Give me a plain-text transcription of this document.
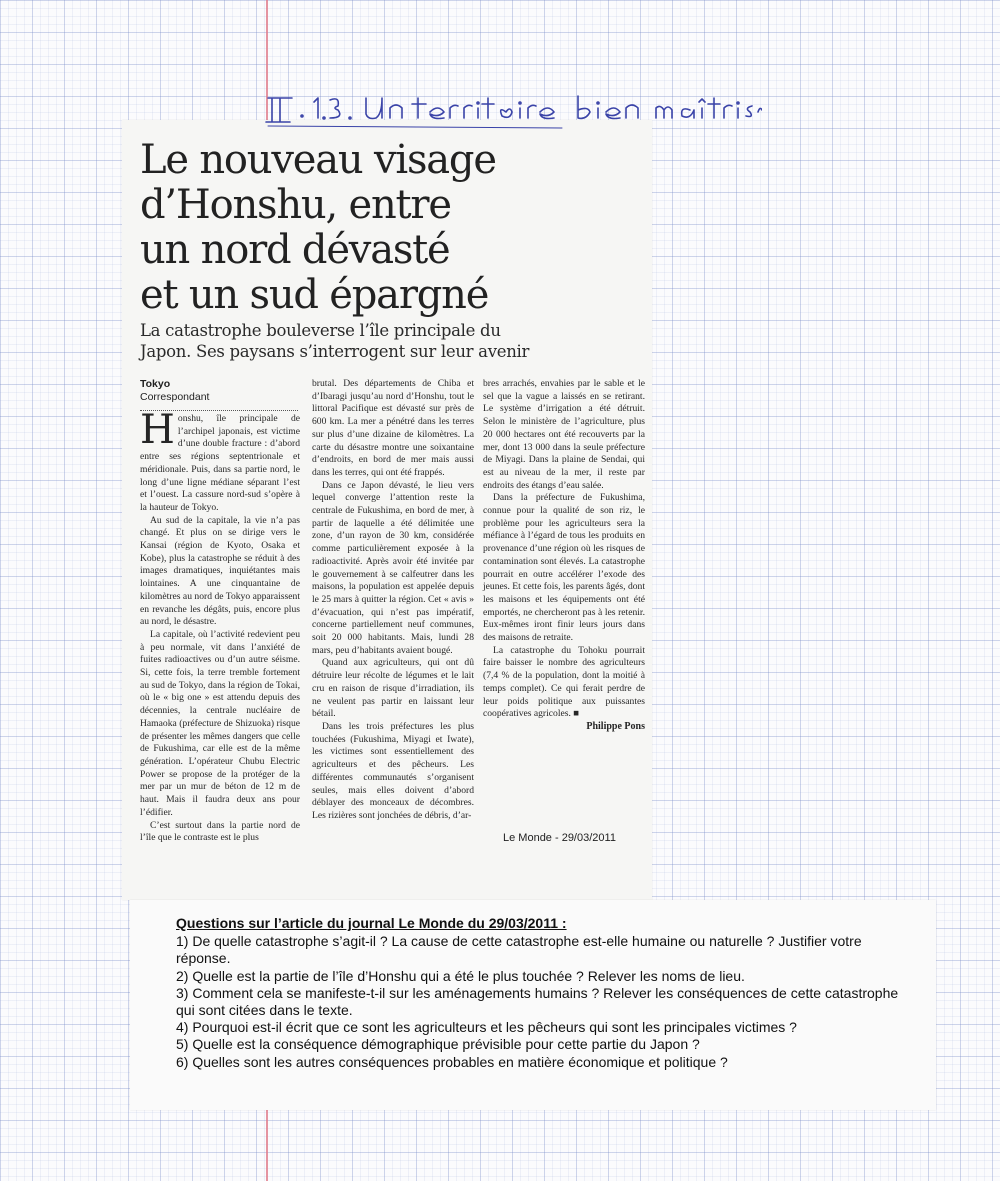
Le nouveau visage
d’Honshu, entre
un nord dévasté
et un sud épargné
La catastrophe bouleverse l’île principale du
Japon. Ses paysans s’interrogent sur leur avenir
Tokyo
Correspondant

Honshu, île principale de l’archipel japonais, est victime d’une double fracture : d’abord entre ses régions septentrionale et méridionale. Puis, dans sa partie nord, le long d’une ligne médiane séparant l’est et l’ouest. La cassure nord-sud s’opère à la hauteur de Tokyo.

Au sud de la capitale, la vie n’a pas changé. Et plus on se dirige vers le Kansai (région de Kyoto, Osaka et Kobe), plus la catastrophe se réduit à des images dramatiques, inquiétantes mais lointaines. A une cinquantaine de kilomètres au nord de Tokyo apparaissent en revanche les dégâts, puis, encore plus au nord, le désastre.

La capitale, où l’activité redevient peu à peu normale, vit dans l’anxiété de fuites radioactives ou d’un autre séisme. Si, cette fois, la terre tremble fortement au sud de Tokyo, dans la région de Tokai, où le « big one » est attendu depuis des décennies, la centrale nucléaire de Hamaoka (préfecture de Shizuoka) risque de présenter les mêmes dangers que celle de Fukushima, car elle est de la même génération. L’opérateur Chubu Electric Power se propose de la protéger de la mer par un mur de béton de 12 m de haut. Mais il faudra deux ans pour l’édifier.

C’est surtout dans la partie nord de l’île que le contraste est le plus

brutal. Des départements de Chiba et d’Ibaragi jusqu’au nord d’Honshu, tout le littoral Pacifique est dévasté sur près de 600 km. La mer a pénétré dans les terres sur plus d’une dizaine de kilomètres. La carte du désastre montre une soixantaine d’endroits, en bord de mer mais aussi dans les terres, qui ont été frappés.

Dans ce Japon dévasté, le lieu vers lequel converge l’attention reste la centrale de Fukushima, en bord de mer, à partir de laquelle a été délimitée une zone, d’un rayon de 30 km, considérée comme particulièrement exposée à la radioactivité. Après avoir été invitée par le gouvernement à se calfeutrer dans les maisons, la population est appelée depuis le 25 mars à quitter la région. Cet « avis » d’évacuation, qui n’est pas impératif, concerne partiellement neuf communes, soit 20 000 habitants. Mais, lundi 28 mars, peu d’habitants avaient bougé.

Quand aux agriculteurs, qui ont dû détruire leur récolte de légumes et le lait cru en raison de risque d’irradiation, ils ne veulent pas partir en laissant leur bétail.

Dans les trois préfectures les plus touchées (Fukushima, Miyagi et Iwate), les victimes sont essentiellement des agriculteurs et des pêcheurs. Les différentes communautés s’organisent seules, mais elles doivent d’abord déblayer des monceaux de décombres. Les rizières sont jonchées de débris, d’ar-

bres arrachés, envahies par le sable et le sel que la vague a laissés en se retirant. Le système d’irrigation a été détruit. Selon le ministère de l’agriculture, plus 20 000 hectares ont été recouverts par la mer, dont 13 000 dans la seule préfecture de Miyagi. Dans la plaine de Sendai, qui est au niveau de la mer, il reste par endroits des étangs d’eau salée.

Dans la préfecture de Fukushima, connue pour la qualité de son riz, le problème pour les agriculteurs sera la méfiance à l’égard de tous les produits en provenance d’une région où les risques de contamination sont élevés. La catastrophe pourrait en outre accélérer l’exode des jeunes. Et cette fois, les parents âgés, dont les maisons et les équipements ont été emportés, ne chercheront pas à les retenir. Eux-mêmes iront finir leurs jours dans des maisons de retraite.

La catastrophe du Tohoku pourrait faire baisser le nombre des agriculteurs (7,4 % de la population, dont la moitié à temps complet). Ce qui ferait perdre de leur poids politique aux puissantes coopératives agricoles. ■

Philippe Pons

Le Monde - 29/03/2011
Questions sur l’article du journal Le Monde du 29/03/2011 :

1) De quelle catastrophe s’agit-il ? La cause de cette catastrophe est-elle humaine ou naturelle ? Justifier votre réponse.

2) Quelle est la partie de l’île d’Honshu qui a été le plus touchée ? Relever les noms de lieu.

3) Comment cela se manifeste-t-il sur les aménagements humains ? Relever les conséquences de cette catastrophe qui sont citées dans le texte.

4) Pourquoi est-il écrit que ce sont les agriculteurs et les pêcheurs qui sont les principales victimes ?

5) Quelle est la conséquence démographique prévisible pour cette partie du Japon ?

6) Quelles sont les autres conséquences probables en matière économique et politique ?
